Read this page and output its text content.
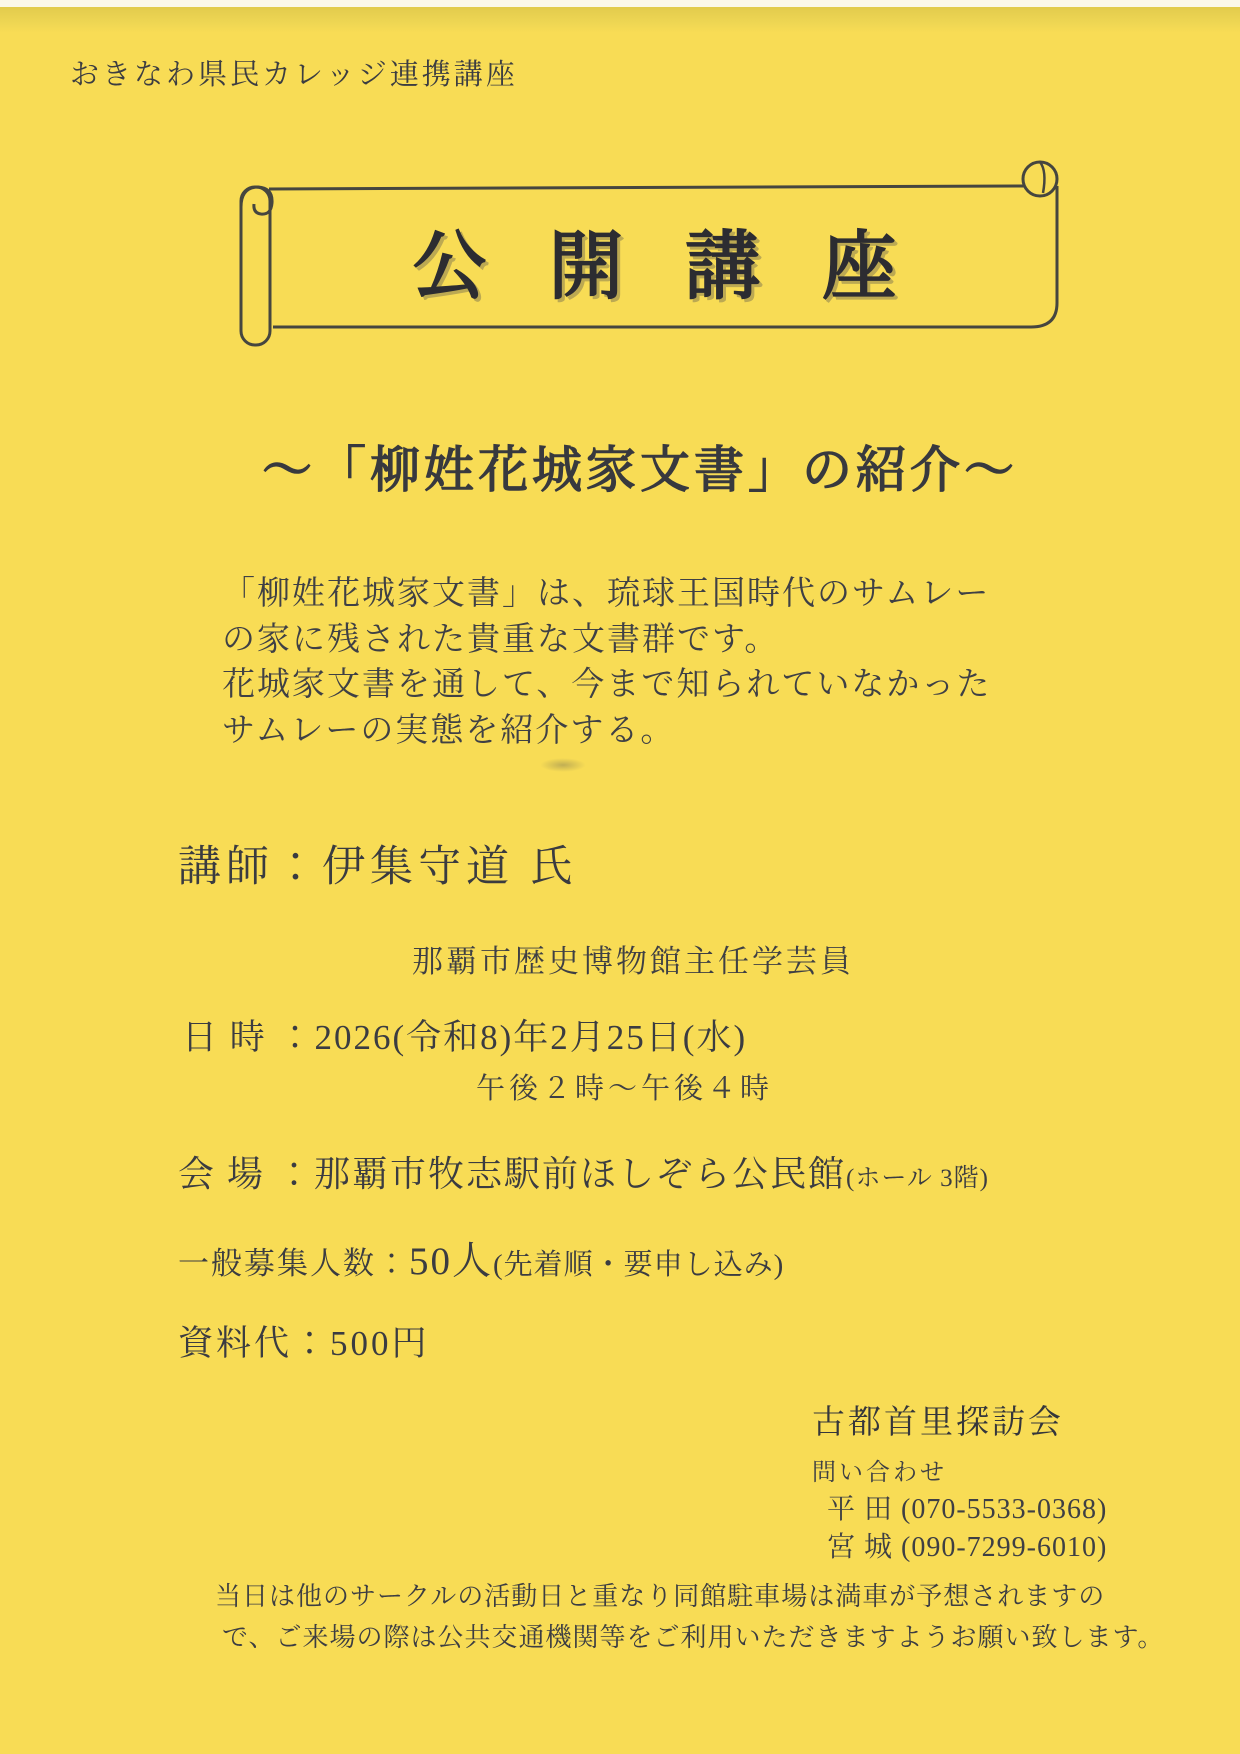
おきなわ県民カレッジ連携講座
公開講座
～「柳姓花城家文書」の紹介～
「柳姓花城家文書」は、琉球王国時代のサムレー
の家に残された貴重な文書群です。
花城家文書を通して、今まで知られていなかった
サムレーの実態を紹介する。
講師：伊集守道 氏
那覇市歴史博物館主任学芸員
日 時 ：2026(令和8)年2月25日(水)
午後２時～午後４時
会 場 ：那覇市牧志駅前ほしぞら公民館(ホール 3階)
一般募集人数：50人(先着順・要申し込み)
資料代：500円
古都首里探訪会
問い合わせ
平 田 (070-5533-0368)
宮 城 (090-7299-6010)
当日は他のサークルの活動日と重なり同館駐車場は満車が予想されますの
で、ご来場の際は公共交通機関等をご利用いただきますようお願い致します。
